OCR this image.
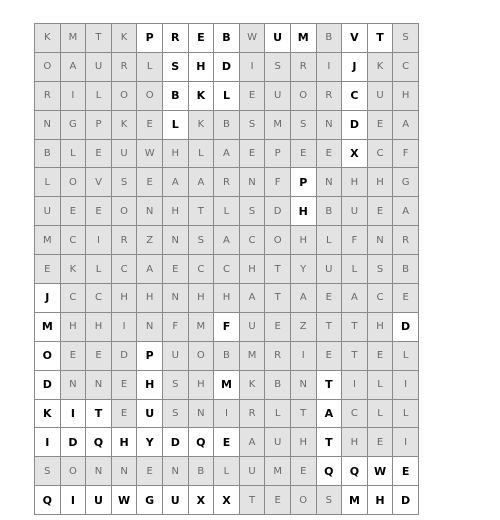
K	M	T	K	P	R	E	B	W	U	M	B	V	T	S
O	A	U	R	L	S	H	D	I	S	R	I	J	K	C
R	I	L	O	O	B	K	L	E	U	O	R	C	U	H
N	G	P	K	E	L	K	B	S	M	S	N	D	E	A
B	L	E	U	W	H	L	A	E	P	E	E	X	C	F
L	O	V	S	E	A	A	R	N	F	P	N	H	H	G
U	E	E	O	N	H	T	L	S	D	H	B	U	E	A
M	C	I	R	Z	N	S	A	C	O	H	L	F	N	R
E	K	L	C	A	E	C	C	H	T	Y	U	L	S	B
J	C	C	H	H	N	H	H	A	T	A	E	A	C	E
M	H	H	I	N	F	M	F	U	E	Z	T	T	H	D
O	E	E	D	P	U	O	B	M	R	I	E	T	E	L
D	N	N	E	H	S	H	M	K	B	N	T	I	L	I
K	I	T	E	U	S	N	I	R	L	T	A	C	L	L
I	D	Q	H	Y	D	Q	E	A	U	H	T	H	E	I
S	O	N	N	E	N	B	L	U	M	E	Q	Q	W	E
Q	I	U	W	G	U	X	X	T	E	O	S	M	H	D
